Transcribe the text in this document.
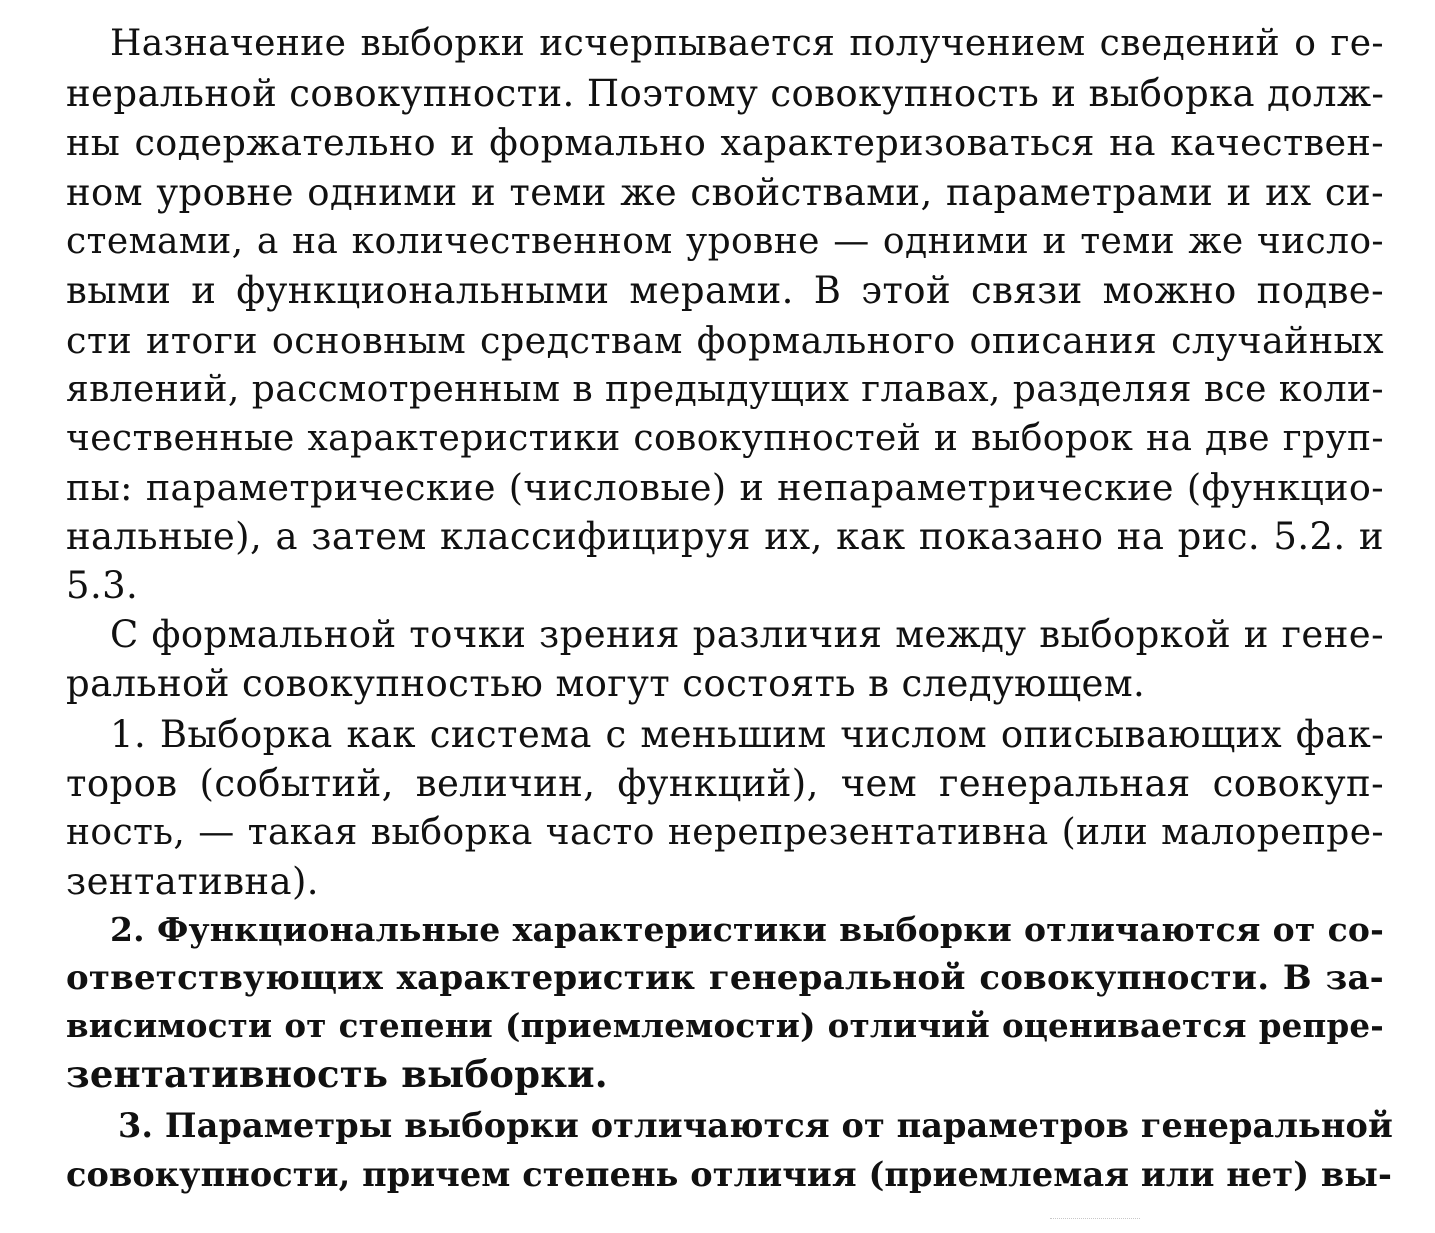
Назначение выборки исчерпывается получением сведений о ге-
неральной совокупности. Поэтому совокупность и выборка долж-
ны содержательно и формально характеризоваться на качествен-
ном уровне одними и теми же свойствами, параметрами и их си-
стемами, а на количественном уровне — одними и теми же числo-
выми и функциональными мерами. В этой связи можно подве-
сти итоги основным средствам формального описания случайных
явлений, рассмотренным в предыдущих главах, разделяя все коли-
чественные характеристики совокупностей и выборок на две груп-
пы: параметрические (числовые) и непараметрические (функцио-
нальные), а затем классифицируя их, как показано на рис. 5.2. и
5.3.
С формальной точки зрения различия между выборкой и гене-
ральной совокупностью могут состоять в следующем.
1. Выборка как система с меньшим числом описывающих фак-
торов (событий, величин, функций), чем генеральная совокуп-
ность, — такая выборка часто нерепрезентативна (или малорепре-
зентативна).
2. Функциональные характеристики выборки отличаются от со-
ответствующих характеристик генеральной совокупности. В за-
висимости от степени (приемлемости) отличий оценивается репре-
зентативность выборки.
3. Параметры выборки отличаются от параметров генеральной
совокупности, причем степень отличия (приемлемая или нет) вы-
